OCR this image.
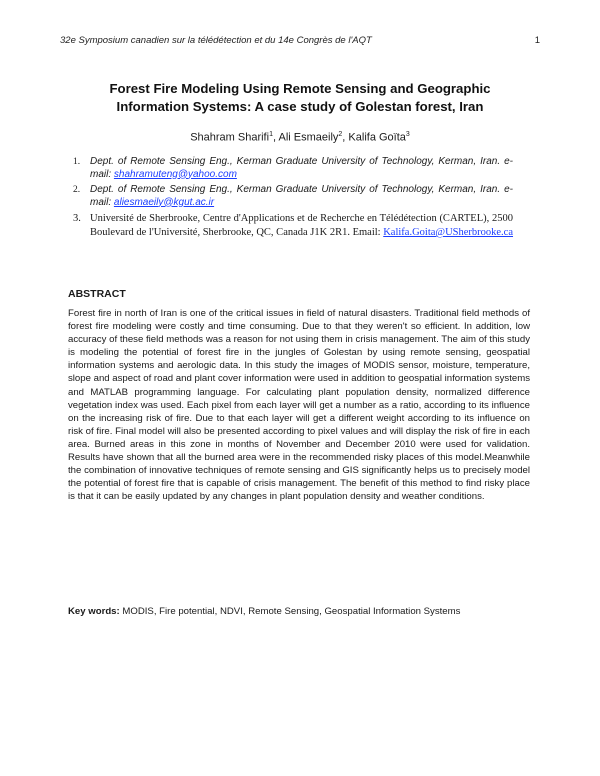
32e Symposium canadien sur la télédétection et du 14e Congrès de l'AQT	1
Forest Fire Modeling Using Remote Sensing and Geographic Information Systems: A case study of Golestan forest, Iran
Shahram Sharifi$^1$, Ali Esmaeily$^2$, Kalifa Goïta$^3$
1. Dept. of Remote Sensing Eng., Kerman Graduate University of Technology, Kerman, Iran. e-mail: shahramuteng@yahoo.com
2. Dept. of Remote Sensing Eng., Kerman Graduate University of Technology, Kerman, Iran. e-mail: aliesmaeily@kgut.ac.ir
3. Université de Sherbrooke, Centre d'Applications et de Recherche en Télédétection (CARTEL), 2500 Boulevard de l'Université, Sherbrooke, QC, Canada J1K 2R1. Email: Kalifa.Goita@USherbrooke.ca
ABSTRACT
Forest fire in north of Iran is one of the critical issues in field of natural disasters. Traditional field methods of forest fire modeling were costly and time consuming. Due to that they weren't so efficient. In addition, low accuracy of these field methods was a reason for not using them in crisis management. The aim of this study is modeling the potential of forest fire in the jungles of Golestan by using remote sensing, geospatial information systems and aerologic data. In this study the images of MODIS sensor, moisture, temperature, slope and aspect of road and plant cover information were used in addition to geospatial information systems and MATLAB programming language. For calculating plant population density, normalized difference vegetation index was used. Each pixel from each layer will get a number as a ratio, according to its influence on the increasing risk of fire. Due to that each layer will get a different weight according to its influence on risk of fire. Final model will also be presented according to pixel values and will display the risk of fire in each area. Burned areas in this zone in months of November and December 2010 were used for validation. Results have shown that all the burned area were in the recommended risky places of this model.Meanwhile the combination of innovative techniques of remote sensing and GIS significantly helps us to precisely model the potential of forest fire that is capable of crisis management. The benefit of this method to find risky place is that it can be easily updated by any changes in plant population density and weather conditions.
Key words: MODIS, Fire potential, NDVI, Remote Sensing, Geospatial Information Systems
